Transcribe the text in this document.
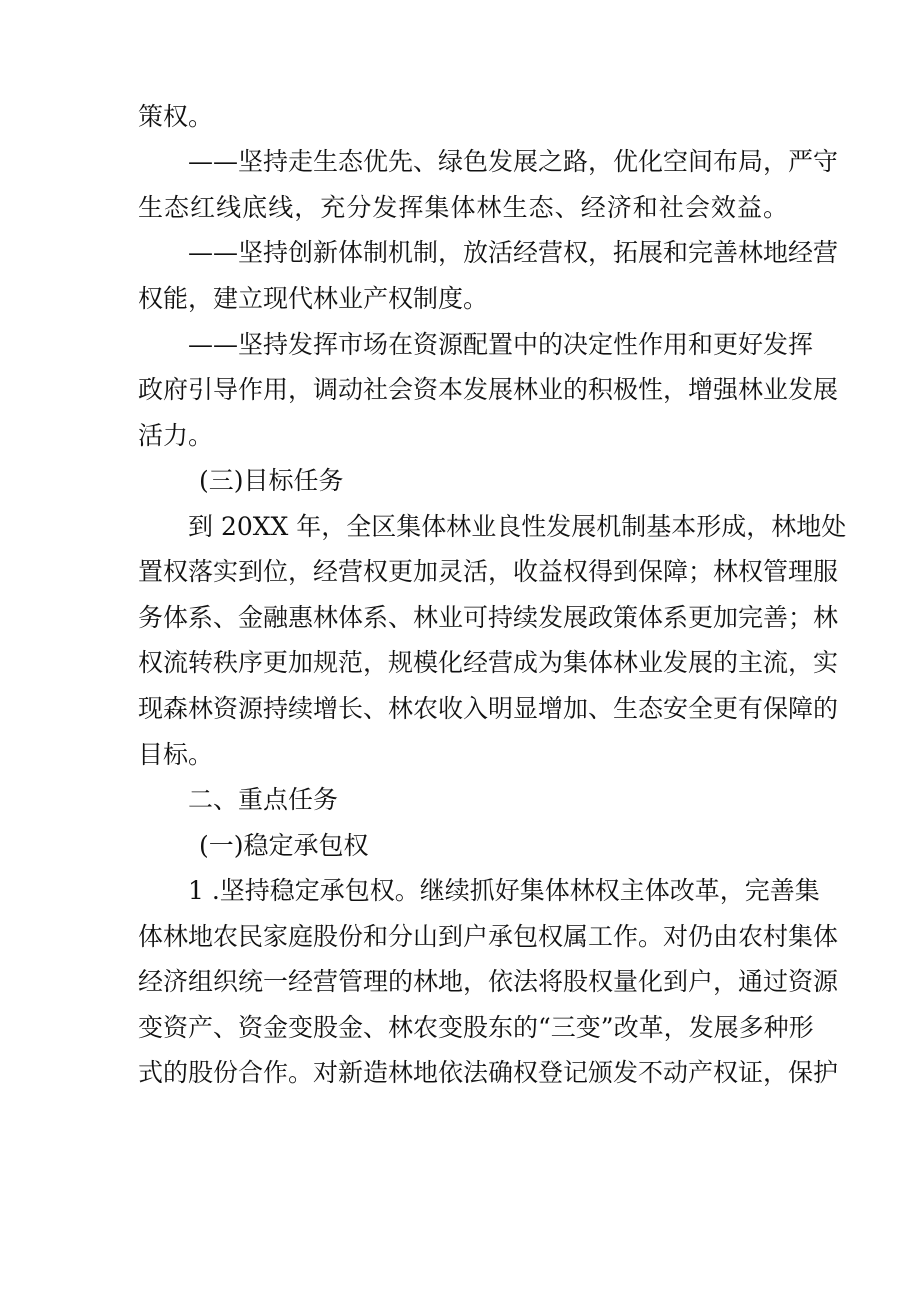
策权。
——坚持走生态优先、绿色发展之路，优化空间布局，严守
生态红线底线，充分发挥集体林生态、经济和社会效益。
——坚持创新体制机制，放活经营权，拓展和完善林地经营
权能，建立现代林业产权制度。
——坚持发挥市场在资源配置中的决定性作用和更好发挥
政府引导作用，调动社会资本发展林业的积极性，增强林业发展
活力。
(三)目标任务
到 20XX 年，全区集体林业良性发展机制基本形成，林地处
置权落实到位，经营权更加灵活，收益权得到保障；林权管理服
务体系、金融惠林体系、林业可持续发展政策体系更加完善；林
权流转秩序更加规范，规模化经营成为集体林业发展的主流，实
现森林资源持续增长、林农收入明显增加、生态安全更有保障的
目标。
二、重点任务
(一)稳定承包权
1 .坚持稳定承包权。继续抓好集体林权主体改革，完善集
体林地农民家庭股份和分山到户承包权属工作。对仍由农村集体
经济组织统一经营管理的林地，依法将股权量化到户，通过资源
变资产、资金变股金、林农变股东的“三变”改革，发展多种形
式的股份合作。对新造林地依法确权登记颁发不动产权证，保护
